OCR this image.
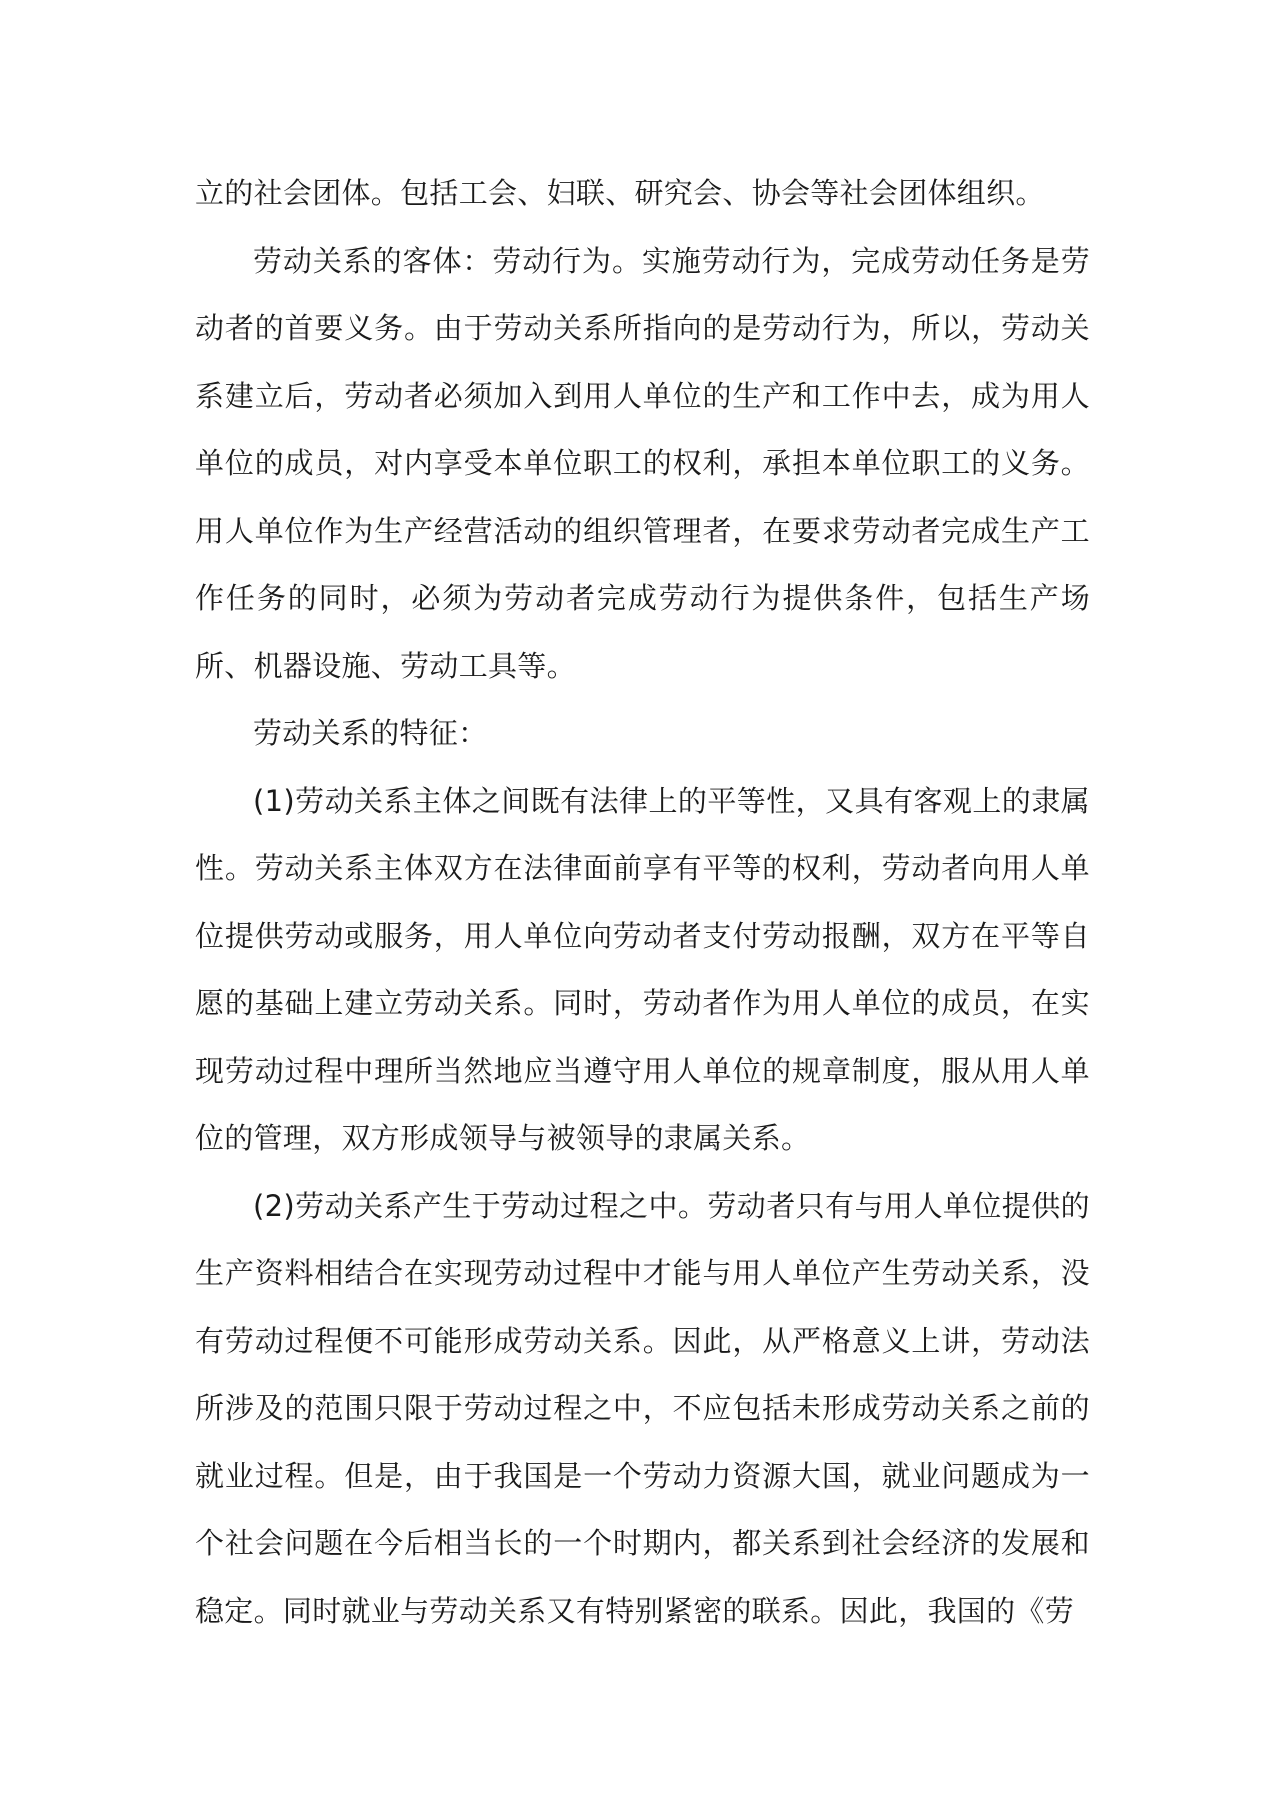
立的社会团体。包括工会、妇联、研究会、协会等社会团体组织。

劳动关系的客体：劳动行为。实施劳动行为，完成劳动任务是劳动者的首要义务。由于劳动关系所指向的是劳动行为，所以，劳动关系建立后，劳动者必须加入到用人单位的生产和工作中去，成为用人单位的成员，对内享受本单位职工的权利，承担本单位职工的义务。用人单位作为生产经营活动的组织管理者，在要求劳动者完成生产工作任务的同时，必须为劳动者完成劳动行为提供条件，包括生产场所、机器设施、劳动工具等。

劳动关系的特征：

(1)劳动关系主体之间既有法律上的平等性，又具有客观上的隶属性。劳动关系主体双方在法律面前享有平等的权利，劳动者向用人单位提供劳动或服务，用人单位向劳动者支付劳动报酬，双方在平等自愿的基础上建立劳动关系。同时，劳动者作为用人单位的成员，在实现劳动过程中理所当然地应当遵守用人单位的规章制度，服从用人单位的管理，双方形成领导与被领导的隶属关系。

(2)劳动关系产生于劳动过程之中。劳动者只有与用人单位提供的生产资料相结合在实现劳动过程中才能与用人单位产生劳动关系，没有劳动过程便不可能形成劳动关系。因此，从严格意义上讲，劳动法所涉及的范围只限于劳动过程之中，不应包括未形成劳动关系之前的就业过程。但是，由于我国是一个劳动力资源大国，就业问题成为一个社会问题在今后相当长的一个时期内，都关系到社会经济的发展和稳定。同时就业与劳动关系又有特别紧密的联系。因此，我国的《劳
